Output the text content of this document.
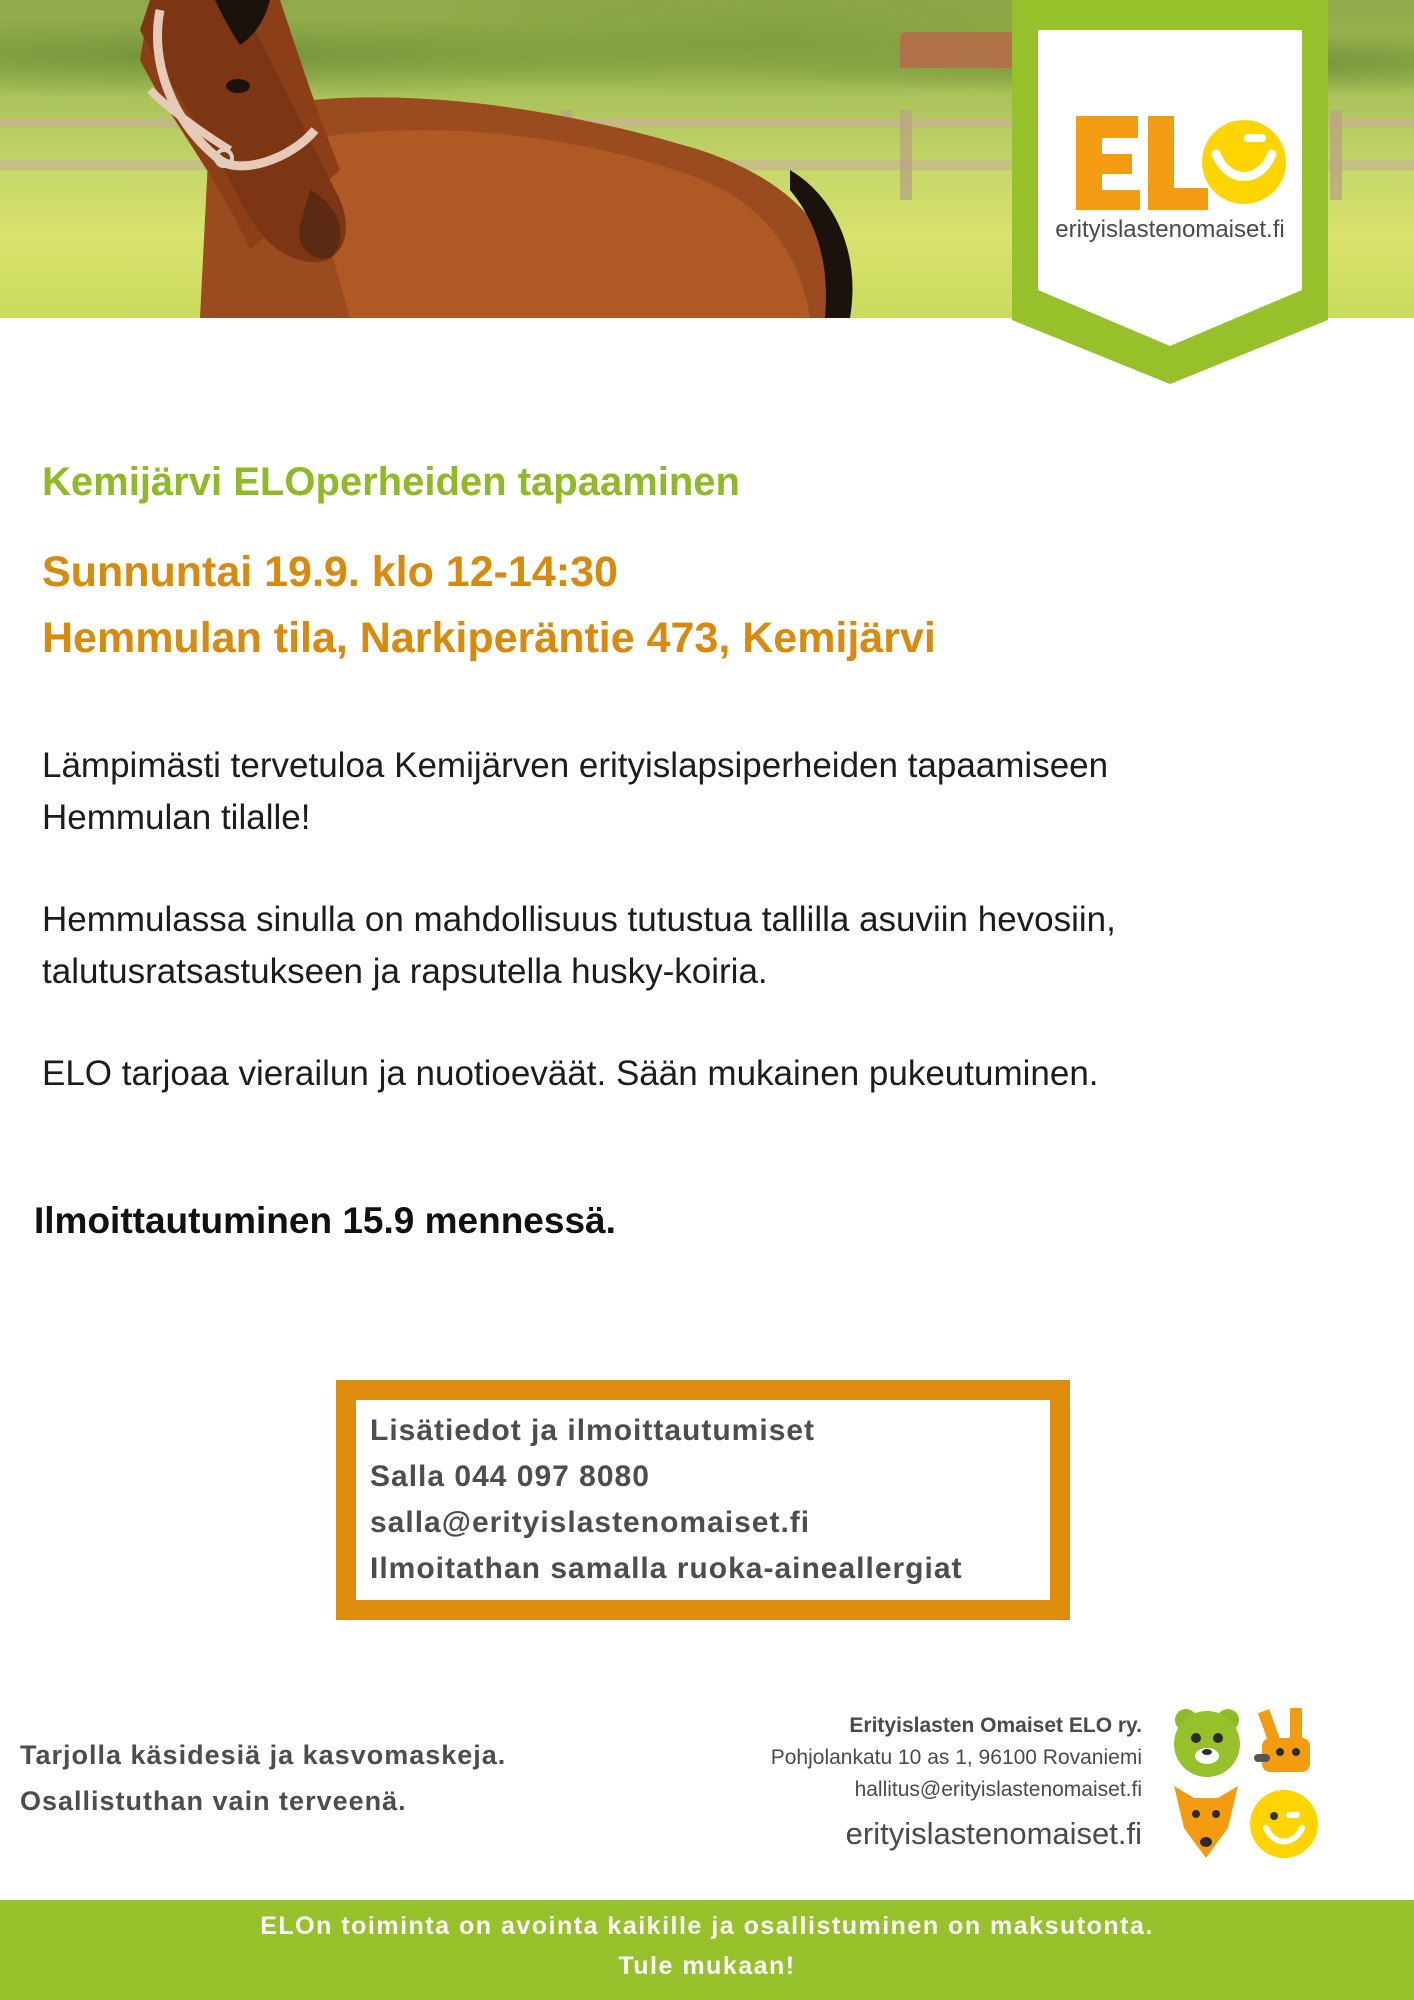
erityislastenomaiset.fi
Kemijärvi ELOperheiden tapaaminen
Sunnuntai 19.9. klo 12-14:30
Hemmulan tila, Narkiperäntie 473, Kemijärvi
Lämpimästi tervetuloa Kemijärven erityislapsiperheiden tapaamiseen
Hemmulan tilalle!
Hemmulassa sinulla on mahdollisuus tutustua tallilla asuviin hevosiin,
talutusratsastukseen ja rapsutella husky-koiria.
ELO tarjoaa vierailun ja nuotioeväät. Sään mukainen pukeutuminen.
Ilmoittautuminen 15.9 mennessä.
Lisätiedot ja ilmoittautumiset
Salla 044 097 8080
salla@erityislastenomaiset.fi
Ilmoitathan samalla ruoka-aineallergiat
Tarjolla käsidesiä ja kasvomaskeja.
Osallistuthan vain terveenä.
Erityislasten Omaiset ELO ry.
Pohjolankatu 10 as 1, 96100 Rovaniemi
hallitus@erityislastenomaiset.fi
erityislastenomaiset.fi
ELOn toiminta on avointa kaikille ja osallistuminen on maksutonta.
Tule mukaan!
